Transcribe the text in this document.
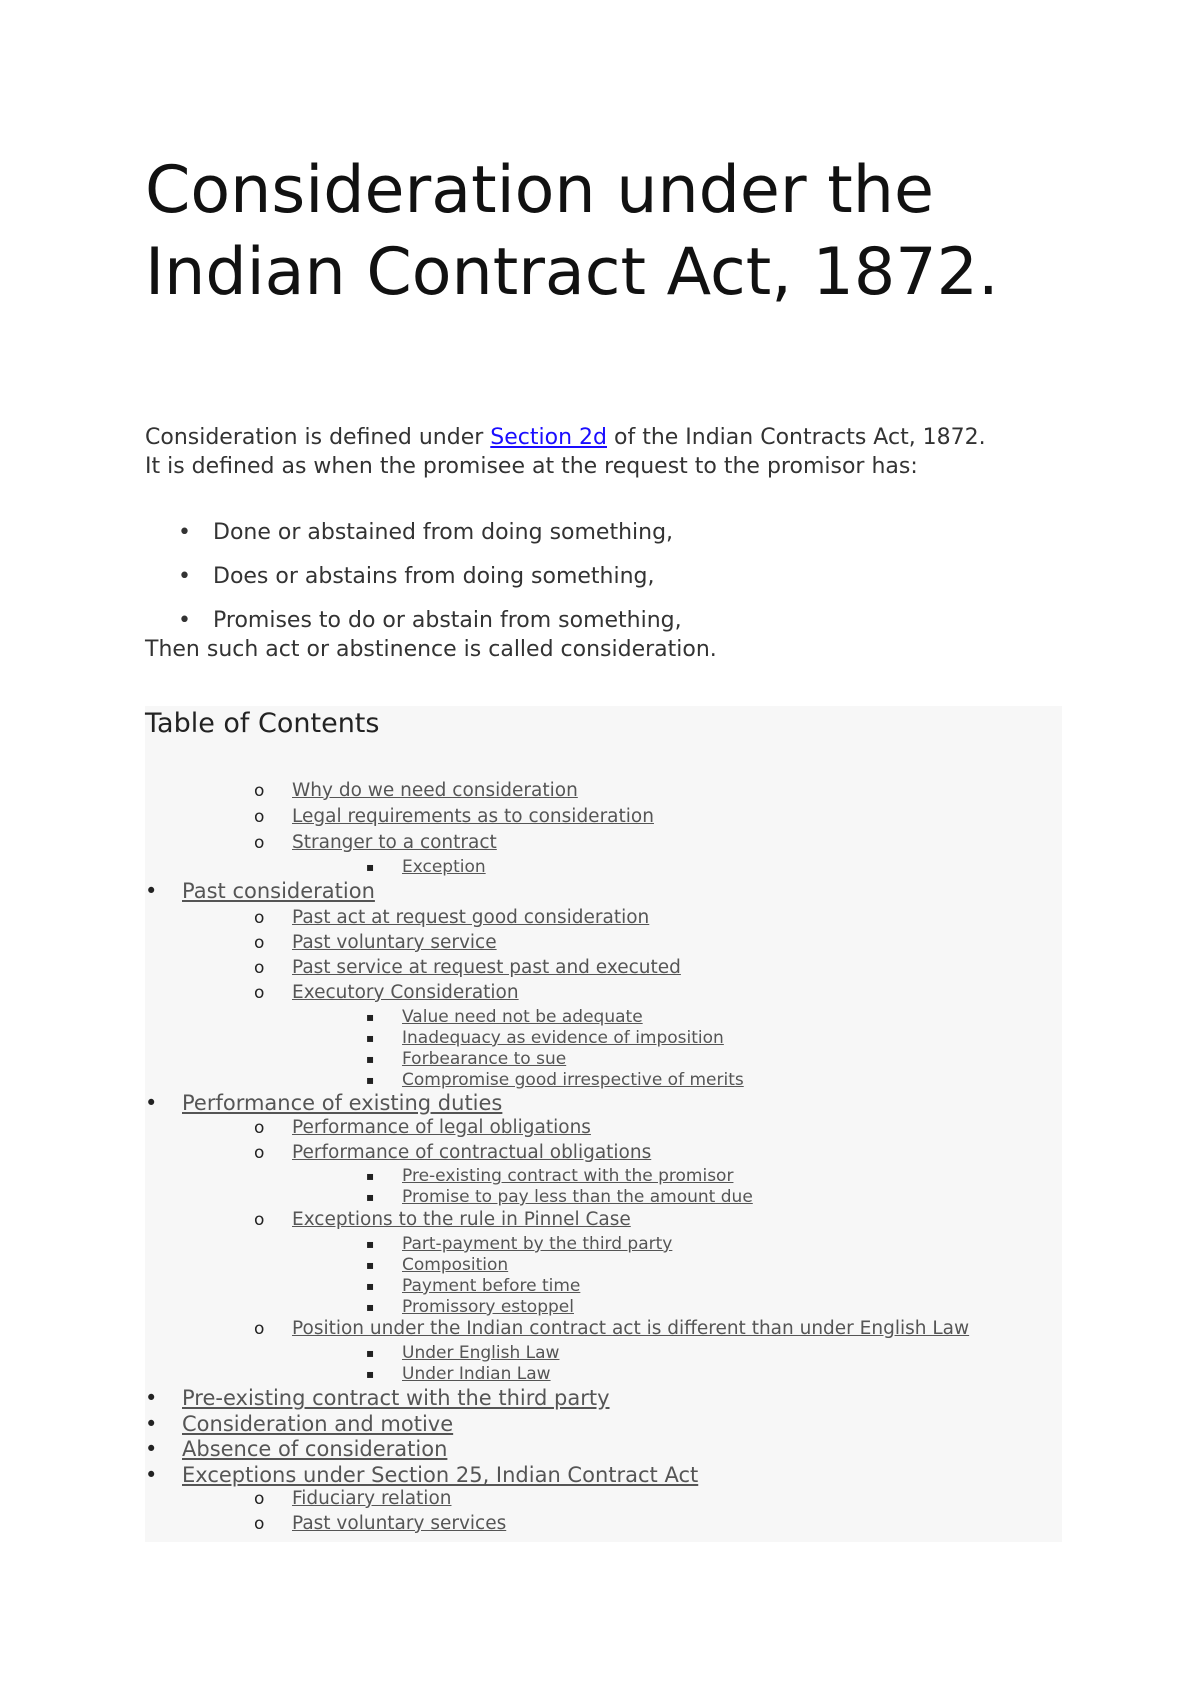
Consideration under the Indian Contract Act, 1872.

Consideration is defined under Section 2d of the Indian Contracts Act, 1872.

It is defined as when the promisee at the request to the promisor has:

• Done or abstained from doing something,
• Does or abstains from doing something,
• Promises to do or abstain from something,

Then such act or abstinence is called consideration.

Table of Contents
o Why do we need consideration
o Legal requirements as to consideration
o Stranger to a contract
▪ Exception
• Past consideration
o Past act at request good consideration
o Past voluntary service
o Past service at request past and executed
o Executory Consideration
▪ Value need not be adequate
▪ Inadequacy as evidence of imposition
▪ Forbearance to sue
▪ Compromise good irrespective of merits
• Performance of existing duties
o Performance of legal obligations
o Performance of contractual obligations
▪ Pre-existing contract with the promisor
▪ Promise to pay less than the amount due
o Exceptions to the rule in Pinnel Case
▪ Part-payment by the third party
▪ Composition
▪ Payment before time
▪ Promissory estoppel
o Position under the Indian contract act is different than under English Law
▪ Under English Law
▪ Under Indian Law
• Pre-existing contract with the third party
• Consideration and motive
• Absence of consideration
• Exceptions under Section 25, Indian Contract Act
o Fiduciary relation
o Past voluntary services
